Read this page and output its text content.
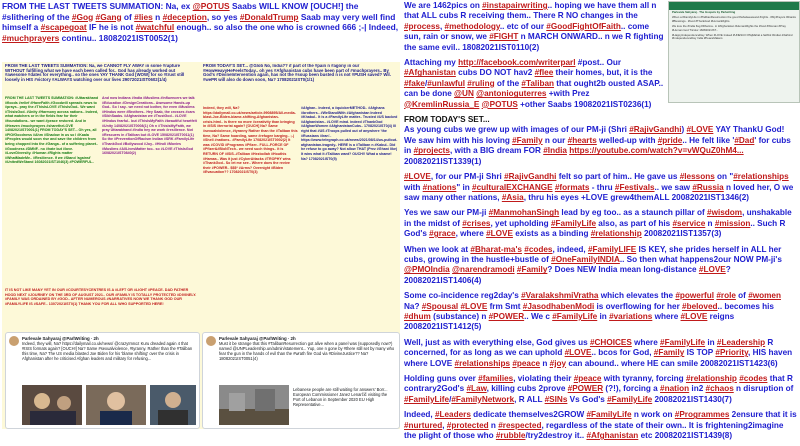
FROM THE LAST TWEETS SUMMATION: Na, ex @POTUS Saabs WILL KNOW [OUCH!] the #slithering of the #Gog #Gang of #lies n #deception, so yes #DonaldTrump Saab may very well find himself a #scapegoat IF he is not #watchful enough.. so also the one who is crowned 666 ;-| Indeed, #muchprayers continu.. 18082021IST0052(1)
FROM THE LAST TWEETS SUMMATION: Na, we CANNOT FLY AWAY in some #rapture WITHOUT fulfilling what we have each been called for.. God has already worked out #awesome #dates for everything.. so the ones YAY THANK God [WOW] for so #trust still loosely in HIS #victory #ALWAYS watching over our lives 29072021IST0602(1/4)
FROM TODAY'S SET... @Glob No, India?? if part of the #pain n #agony in our #HowHeavyHeFeelsToday.. oh yes #Afghanistan cubs have been part of #muchprayers.. By God's #DivineIntervention again, has not the #soup been busted n is not #PUSH saved? Wil. #wePR will also do down soon, Na? 17082021IST0(1/1)
FROM THE LAST TWEETS SUMMATION: #Uttarakhand #floods #relief #HaveFaith #Goodwill spreads news to #prays.. pray the #ThisIsLOVE #ThisIsGod.. We want #ThisIsGod. #Unity #Harmony across nations.. Indeed, what watchers or in the fields fear for their #foundations.. we want #peace restored. And in #Heaven #muchprayers #sharetheLOVE 14082021IST0001(1) FROM TODAY'S SET... Oh yes, all #PIOfGoodness #Ahm #Shadow in us so I #Kaala #Peoples would soon rise and save the children from being chopped into the #Ganga.. of a suffering planet.. #Goodness #DMNF.. no #hate but #love. #LoveDiversity. #Human #Rights matter #WhatMadeMe.. #Resilience. If we #Stand 'against' #UnitedWeStand 16082021IST1046(3) #POWERFUL..
And now Indians #India #Muslims #influencers we talk #Education #DesignCreations.. Awesome Hands-up God.. So I say.. we need not bother, for even #Muslims #Hindus were #Brothers.. Hey Saab, the crosses #cars #SikhSaabs. #Afghanistan we #TrustGod.. #LOVE #Hindus fearful.. but #ThisIsMyFaith #beautiful heartfelt #Unity 14082021IST0008(1) Oh n #ThisIsMyFaith, we pray Uttarakhand #India hey we work #resilience. Not #Rescuers in #Taliban but #LOVE 15082021IST0011(1) So the #PreventionOfRacism Indian #SRK #FamilyLife #ThankGod #Bollywood #Joy.. #Hindi #Movies #Muslims #AllLivesMatter too.. so #LOVE #ThisIsGod 16082021IST0840(2)
Indeed, they will, Na? https://dailymail.co.uk/news/article-9908895/All-media-blast-Joe-Biden-blame-shifting-Afghanistan-crisis.html.. is there no more #creativity than bringing in #ISIS #terrorist again? [OUCH] Na? Same #sexualviolence, #tyranny Rather than the #Taliban this time, Na? Same hoarding, same #refugee barging.. ;-| #Shell #nations.. #FamilyLife 17082021IST0002(2) It was #COVID #Programs #Pfizer.. FULL-FORCE OF #Pfizer&#BioNTech.. we need such things.. it is RETURN OF #ISIS..#Taliban #Hezbollah #Houthis #Hamas.. Was it just #CyberAttacks #TROPHY wins #ThankGod.. So let me see.. Where does the revive their #POWER.. $$$* #Arms? Overnight #Biden #Evacuation?? 17082021IST0(3)
#Afghan.. Indeed, a #quickerMETHOD.. #Afghans #brothers.. #WeStandWith #Afghanistan Indeed #Khabul.. It is a #FamilyLife matter.. Trusted #US backed #Afghanistan.. #LOVE mind. indeed #ThankGod #AfghanWomen #AfghanistanCubs.. 17082021IST0(4) Ill right that #US #Troops pulled out of anywhere 'the #Russians #Iran'.. https://www.telegraph.co.uk/news/2021/08/14/us-pullout-afghanistan-tragedy.. HERE is a #Taliban n #Kabul.. Did he refuse to go away? Not allow THAT (Prez #Ghani like) It wins what it #Taliban want? OUCH!! What a shame! Na? 17082021IST0(5)
IT IS NOT LIKE MANY YET IN OUR #COURTESYCENTRES IS A #LEFT OR #LIGHT #PEACE. DAD FATHER HOOD NEXT #JOURNEY ON THE 3RD OF AUGUST 2021.. OUR #FAMILY IS TOTALLY PROTECTED #DIVINELY. #FAMILY WAS ORDAINED BY #GOD.. AFTER NUMEROUS #NARRATIVES NOW WE THANK GOD OUR #FAMILYLIFE IS #SAFE.. 13072021IST0(1) THANK YOU FOR ALL WHO SUPPORTED HERE!
Parlevale Sahyaraj @ParlWriting · 2h
Indeed, they will, Na? https://dailymail.co.uk/news/ @crazyImnoz Kuru dreaded again 4 that #ISIS formats again? [OUCH!] Na? Same #sexualviolence, #tyranny. Rather than the #Taliban this time, Na? The US media blasted Joe Biden for his 'blame shifting' over the crisis in Afghanistan after he criticised Afghan leaders and military for refusing...
Parlevale Sahyaraj @ParlWriting · 2h
Must it be strange that this #TalibanResurrection got alive when a panel was (supposedly now?) named @UNPLeadership.un/admin/statement... Yup, one n gone by #there still set by many who fear the gun in the hands of evil than the #wrath fire God via #DivineJustice?? Na? 18082021IST0051(4)
Lebanese people are still waiting for answers' Borr... European Commissioner Janez Lenarčič visiting the Port of Lebanon in September 2020 EU High Representative...

We are 1462pics on #instapairwriting.. hoping we have them all n that ALL cubs R receiving them.. There R NO changes in the #process, #methodology.. etc of our #GoodFightOfFaith.. come sun, rain or snow, we #FIGHT n MARCH ONWARD.. n we R fighting the same evil.. 18082021IST0110(2)

Attaching my http://facebook.com/writerparl #post.. Our #Afghanistan cubs DO NOT hav2 #flee their homes, but, it is the #fake/#unlawful #ruling of the #Taliban that ought2b ousted ASAP.. can be done @UN @antonioguterres +with Prez @KremlinRussia_E @POTUS +other Saabs 19082021IST0236(1)

FROM TODAY'S SET...

As young cubs we grew up with images of our PM-ji (Shri #RajivGandhi) #LOVE YAY ThankU God! We saw him with his loving #Family n our #hearts welled-up with #pride.. He felt like '#Dad' for cubs in #projects, with a BIG dream FOR #India https://youtube.com/watch?v=vWQuZ0hM4... 20082021IST1339(1)

#LOVE, for our PM-ji Shri #RajivGandhi felt so part of him.. He gave us #lessons on "#relationships with #nations" in #culturalEXCHANGE #formats - thru #Festivals.. we saw #Russia n loved her, O we saw many other nations, #Asia, thru his eyes +LOVE grew4themALL 20082021IST1346(2)

Yes we saw our PM-ji #ManmohanSingh lead by eg too.. as a staunch pillar of #wisdom, unshakable in the midst of #crises, yet upholding #FamilyLife also, as part of his #service n #mission.. Such R God's #grace, where #LOVE exists as a binding #relationship 20082021IST1357(3)

When we look at #Bharat-ma's #codes, indeed, #FamilyLIFE IS KEY, she prides herself in ALL her cubs, growing in the hustle+bustle of #OneFamilyINDIA.. So then what happens2our NOW PM-ji's @PMOIndia @narendramodi #Family? Does NEW India mean long-distance #LOVE? 20082021IST1406(4)

Some co-incidence reg2day's #VaralakshmiVratha which elevates the #powerful #role of #women Na? #Spousal #LOVE frm Smt #JasodhabenModi is overflowing for her #beloved.. becomes his #dhum (substance) n #POWER.. We c #FamilyLife in #variations where #LOVE reigns 20082021IST1412(5)

Well, just as with everything else, God gives us #CHOICES where #FamilyLife in #Leadership R concerned, for as long as we can uphold #LOVE.. bcos for God, #Family IS TOP #Priority, HIS haven where LOVE #relationships #peace n #joy can abound.. where HE can smile 20082021IST1423(6)

Holding guns over #families, violating their #peace with tyranny, forcing #relationship #codes that R contrary2God's #Law, killing cubs 2prove #POWER (?!), forcing a #nation in2 #chaos n disruption of #FamilyLife/#FamilyNetwork, R ALL #SINs Vs God's #FamilyLife 20082021IST1430(7)

Indeed, #Leaders dedicate themselves2GROW #FamilyLife n work on #Programmes 2ensure that it is #nurtured, #protected n #respected, regardless of the state of their own.. It is frightening2imagine the plight of those who #rubble/try2destroy it.. #Afghanistan etc 20082021IST1439(8)

Parlevale Sahyaraj · The Gospels by Parlwriting
When a #FamilyLife in #TalibanResurrection the good #whatweareand #rights.. #MyPrayers #thanks #Blessings.. #God #ThankGod #HumanRights.
We love the #India flag #Dharma.. in #Afghanistan #HumanRights the #God #Woman #Pray #Human God Tricolor 16082021IST...
#HappyIndependenceDay. When #LOVE Indeed #UNESCO #TajMahal a faithful #Indian #Jaihind #IndependenceDay India #PeaceMakers
